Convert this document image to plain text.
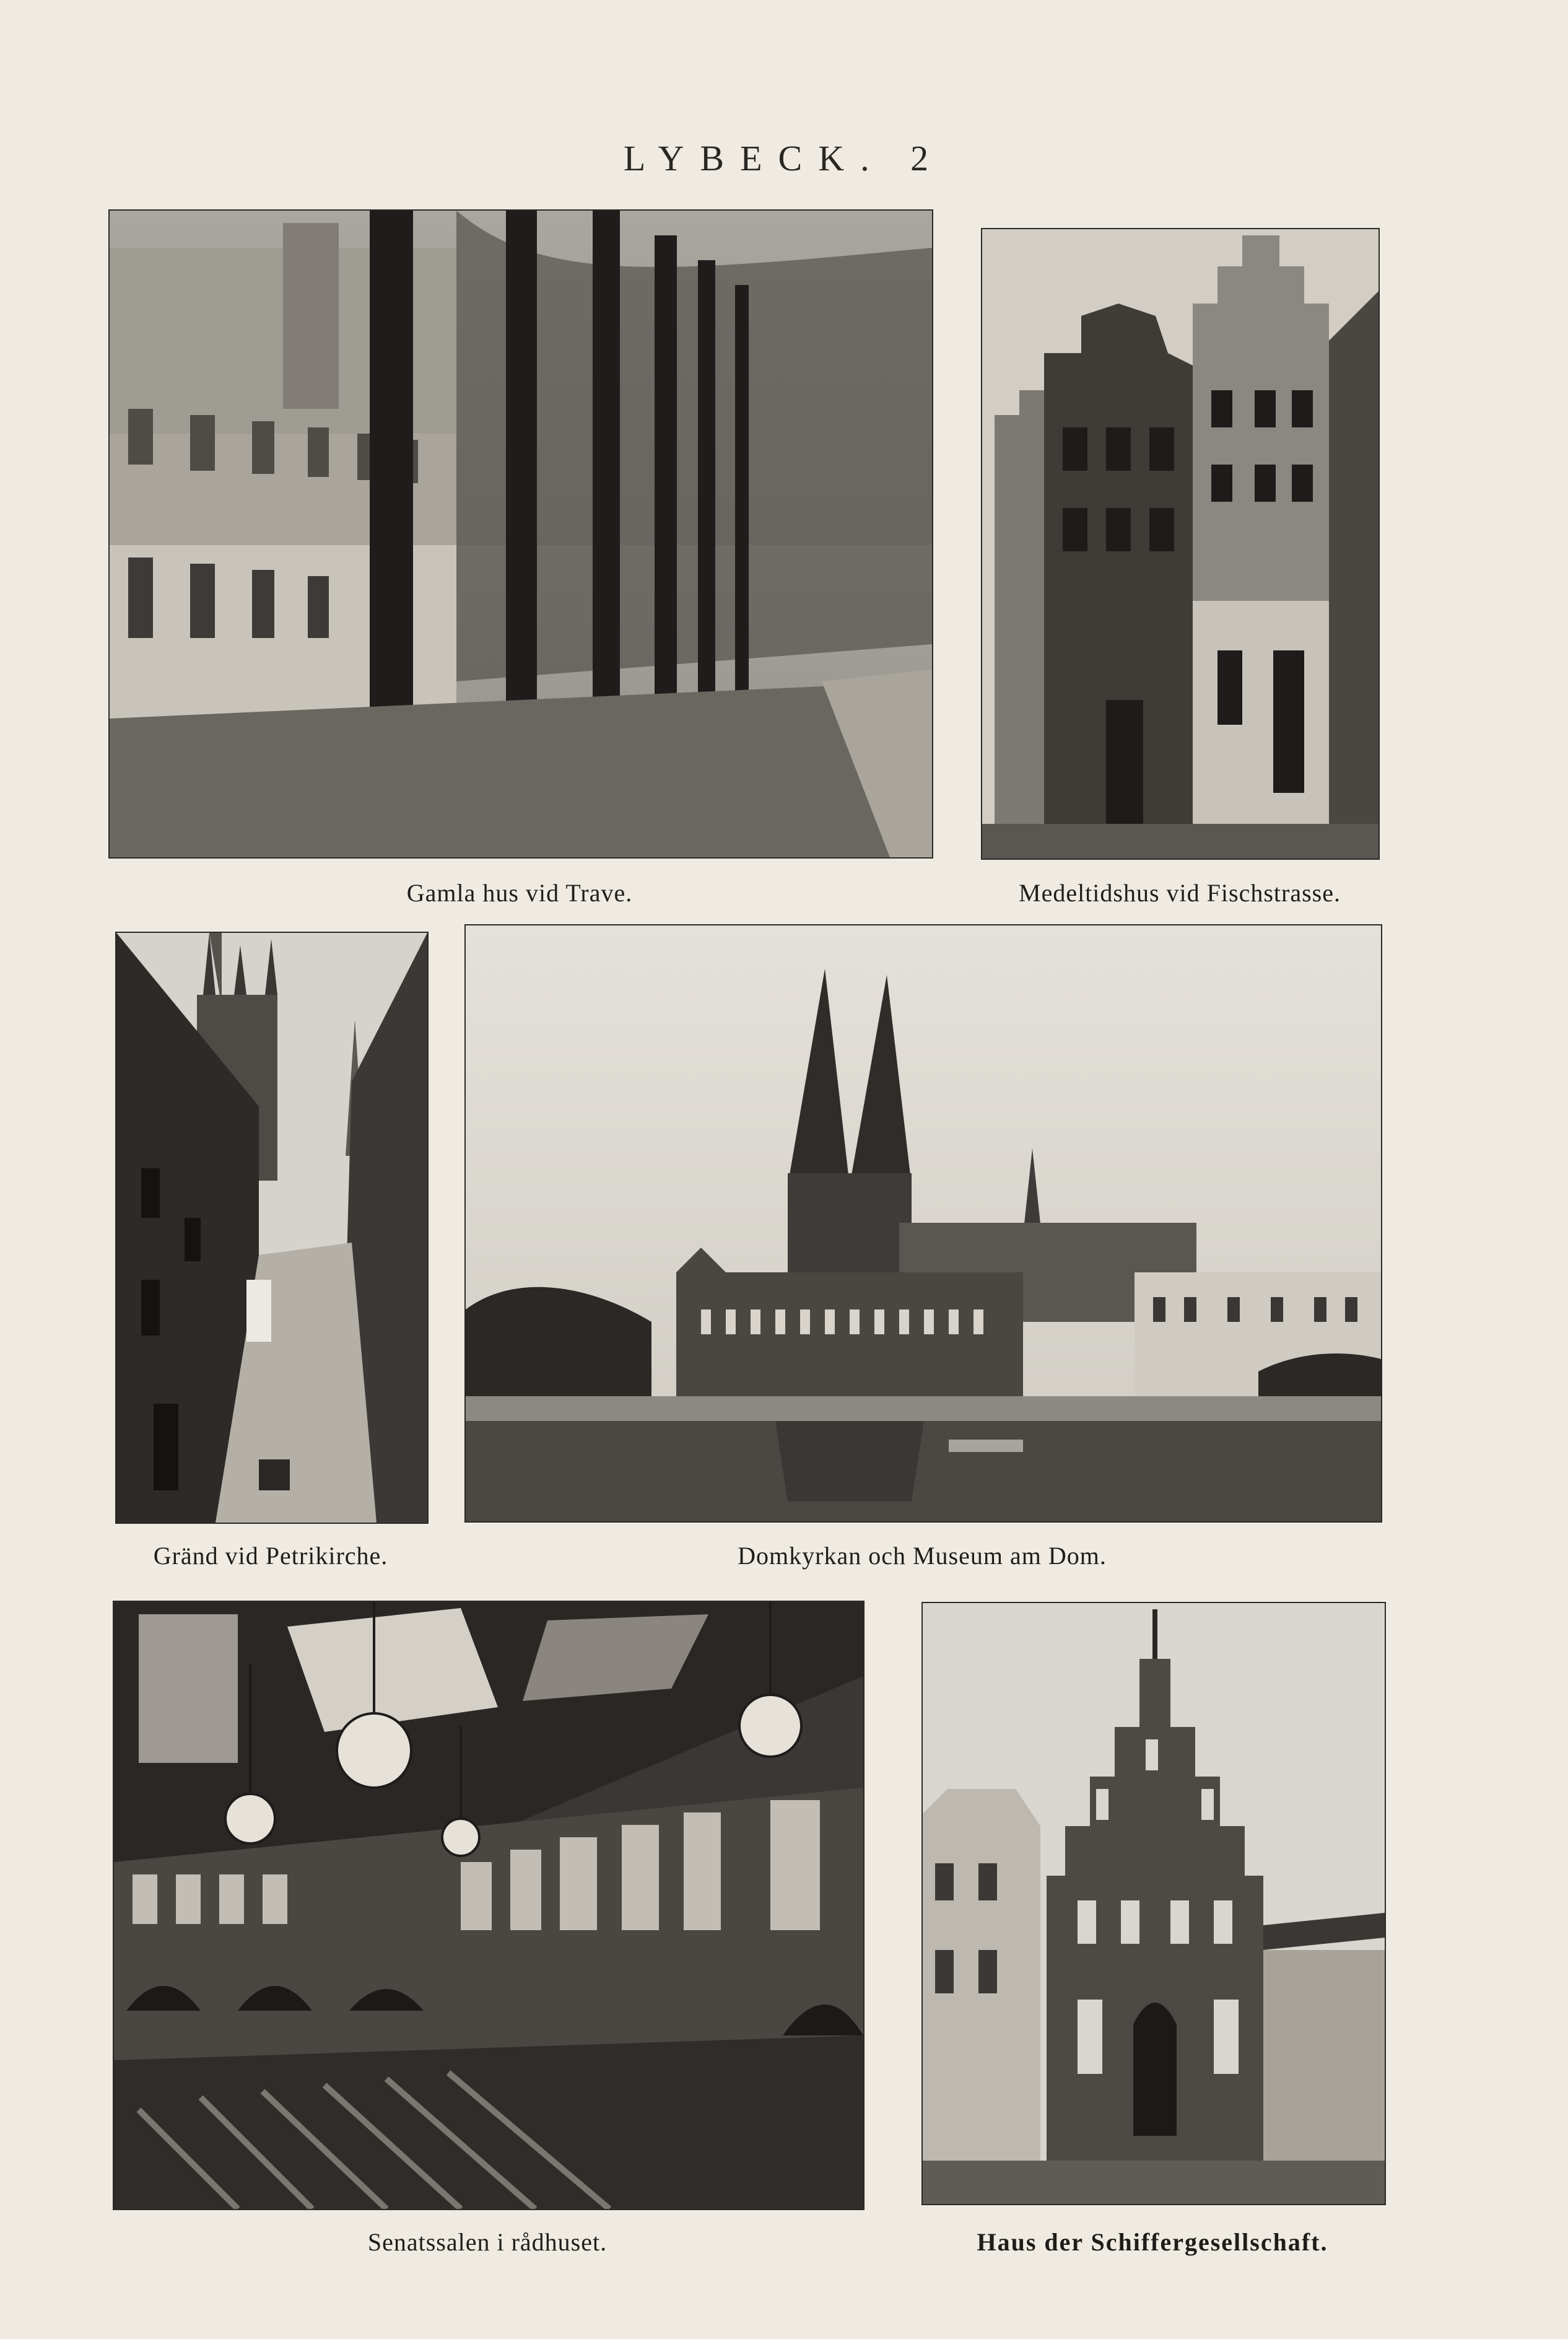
LYBECK. 2
Gamla hus vid Trave.	Medeltidshus vid Fischstrasse.
Gränd vid Petrikirche.	Domkyrkan och Museum am Dom.
Senatssalen i rådhuset.	Haus der Schiffergesellschaft.
